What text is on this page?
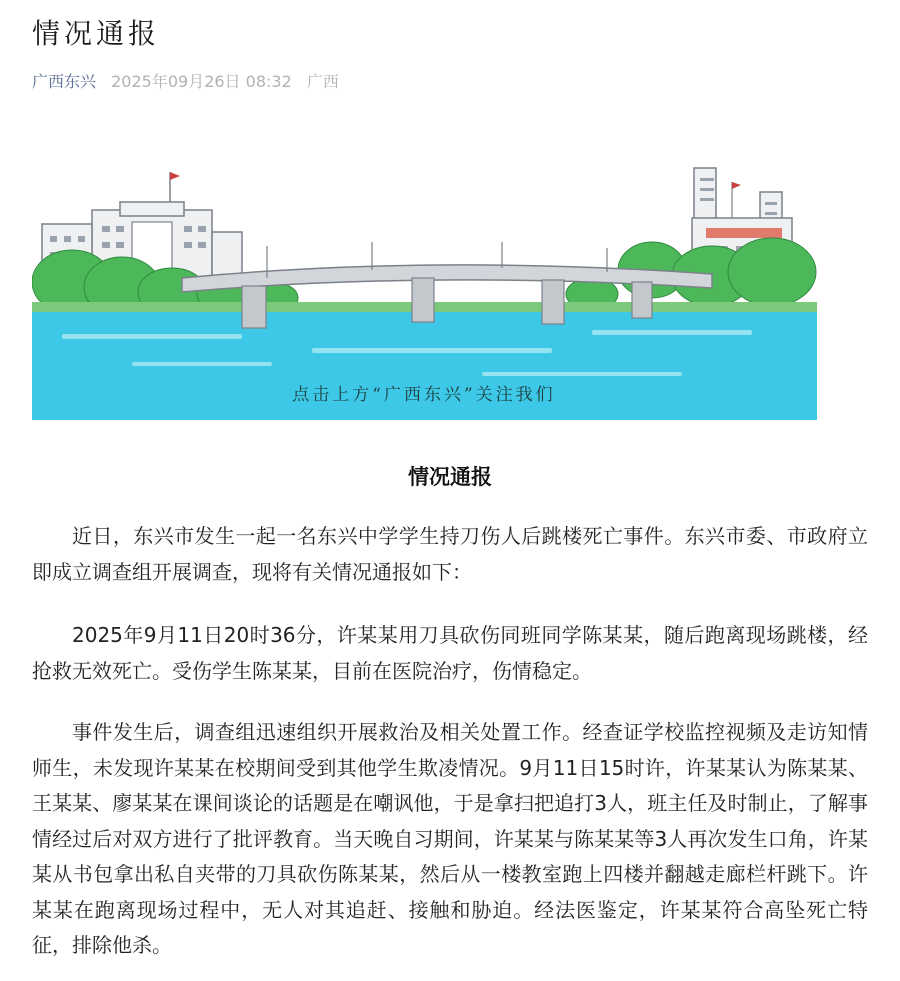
情况通报
广西东兴 2025年09月26日 08:32 广西
点击上方“广西东兴”关注我们
情况通报

近日，东兴市发生一起一名东兴中学学生持刀伤人后跳楼死亡事件。东兴市委、市政府立即成立调查组开展调查，现将有关情况通报如下：

2025年9月11日20时36分，许某某用刀具砍伤同班同学陈某某，随后跑离现场跳楼，经抢救无效死亡。受伤学生陈某某，目前在医院治疗，伤情稳定。

事件发生后，调查组迅速组织开展救治及相关处置工作。经查证学校监控视频及走访知情师生，未发现许某某在校期间受到其他学生欺凌情况。9月11日15时许，许某某认为陈某某、王某某、廖某某在课间谈论的话题是在嘲讽他，于是拿扫把追打3人，班主任及时制止，了解事情经过后对双方进行了批评教育。当天晚自习期间，许某某与陈某某等3人再次发生口角，许某某从书包拿出私自夹带的刀具砍伤陈某某，然后从一楼教室跑上四楼并翻越走廊栏杆跳下。许某某在跑离现场过程中，无人对其追赶、接触和胁迫。经法医鉴定，许某某符合高坠死亡特征，排除他杀。
